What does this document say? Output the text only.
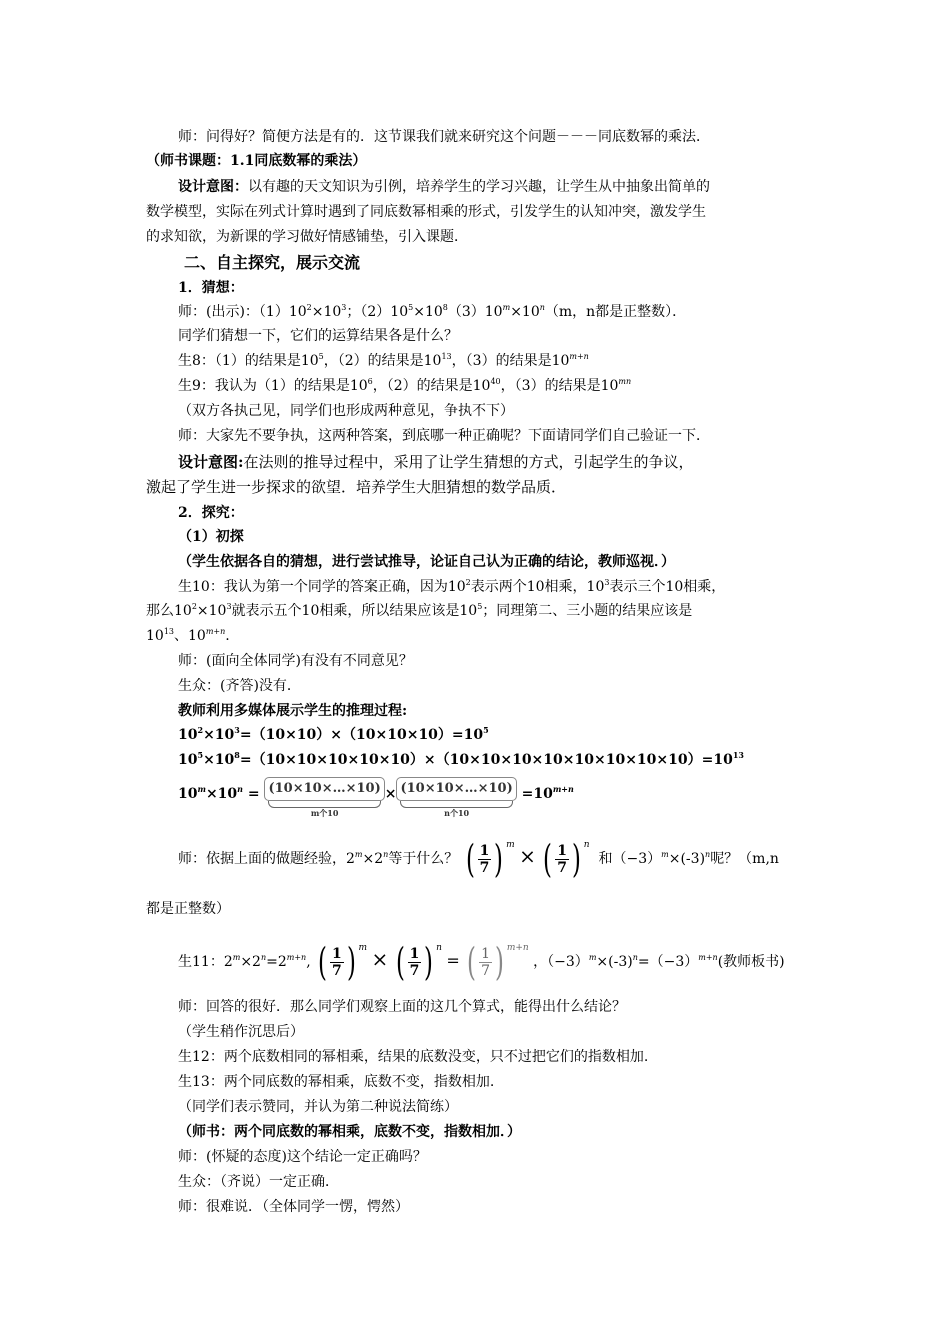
师：问得好？简便方法是有的．这节课我们就来研究这个问题－－－同底数幂的乘法．
（师书课题：1.1同底数幂的乘法）
设计意图：以有趣的天文知识为引例，培养学生的学习兴趣，让学生从中抽象出简单的
数学模型，实际在列式计算时遇到了同底数幂相乘的形式，引发学生的认知冲突，激发学生
的求知欲，为新课的学习做好情感铺垫，引入课题．
二、自主探究，展示交流
1．猜想：
师：(出示)：$(1)10^2\times 10^3$；$(2)10^5\times 10^8(3)10^m\times 10^n(m$，n都是正整数）．
同学们猜想一下，它们的运算结果各是什么？
生8：（1）的结果是$10^5$，（2）的结果是$10^{13}$，（3）的结果是$10^{m+n}$
生9：我认为（1）的结果是$10^6$，（2）的结果是$10^{40}$，（3）的结果是$10^{mn}$
（双方各执己见，同学们也形成两种意见，争执不下）
师：大家先不要争执，这两种答案，到底哪一种正确呢？下面请同学们自己验证一下．
设计意图:在法则的推导过程中，采用了让学生猜想的方式，引起学生的争议，
激起了学生进一步探求的欲望．培养学生大胆猜想的数学品质．
2．探究：
（1）初探
（学生依据各自的猜想，进行尝试推导，论证自己认为正确的结论，教师巡视．）
生10：我认为第一个同学的答案正确，因为$10^2$表示两个10相乘，$10^3$表示三个10相乘，
那么$10^2\times 10^3$就表示五个10相乘，所以结果应该是$10^5$；同理第二、三小题的结果应该是
$10^{13}$、$10^{m+n}$.
师：(面向全体同学)有没有不同意见？
生众：(齐答)没有．
教师利用多媒体展示学生的推理过程:
$10^2\times 10^3=(10\times 10)\times(10\times 10\times 10)=10^5$
$10^5\times 10^8=(10\times 10\times 10\times 10\times 10)\times(10\times 10\times 10\times 10\times 10\times 10\times 10\times 10)=10^{13}$
$10^m\times 10^n$ = (10×10×…×10)
m个10
× (10×10×…×10)
n个10
$=10^{m+n}$
师：依据上面的做题经验，$2^m\times 2^n$等于什么？ ( $\frac{1}{7}$ ) $^m$ × ( $\frac{1}{7}$ ) $^n$  和$(-3)^m\times(-3)^n$呢？（m,n
都是正整数）
生11：$2^m\times 2^n=2^{m+n}$, ( $\frac{1}{7}$ ) $^m$ × ( $\frac{1}{7}$ ) $^n$ = ( $\frac{1}{7}$ ) $^{m+n}$ ，$(-3)^m\times(-3)^n=(-3)^{m+n}$(教师板书)
师：回答的很好．那么同学们观察上面的这几个算式，能得出什么结论？
（学生稍作沉思后）
生12：两个底数相同的幂相乘，结果的底数没变，只不过把它们的指数相加.
生13：两个同底数的幂相乘，底数不变，指数相加.
（同学们表示赞同，并认为第二种说法简练）
（师书：两个同底数的幂相乘，底数不变，指数相加．）
师：(怀疑的态度)这个结论一定正确吗？
生众：（齐说）一定正确．
师：很难说．（全体同学一愣，愕然）
